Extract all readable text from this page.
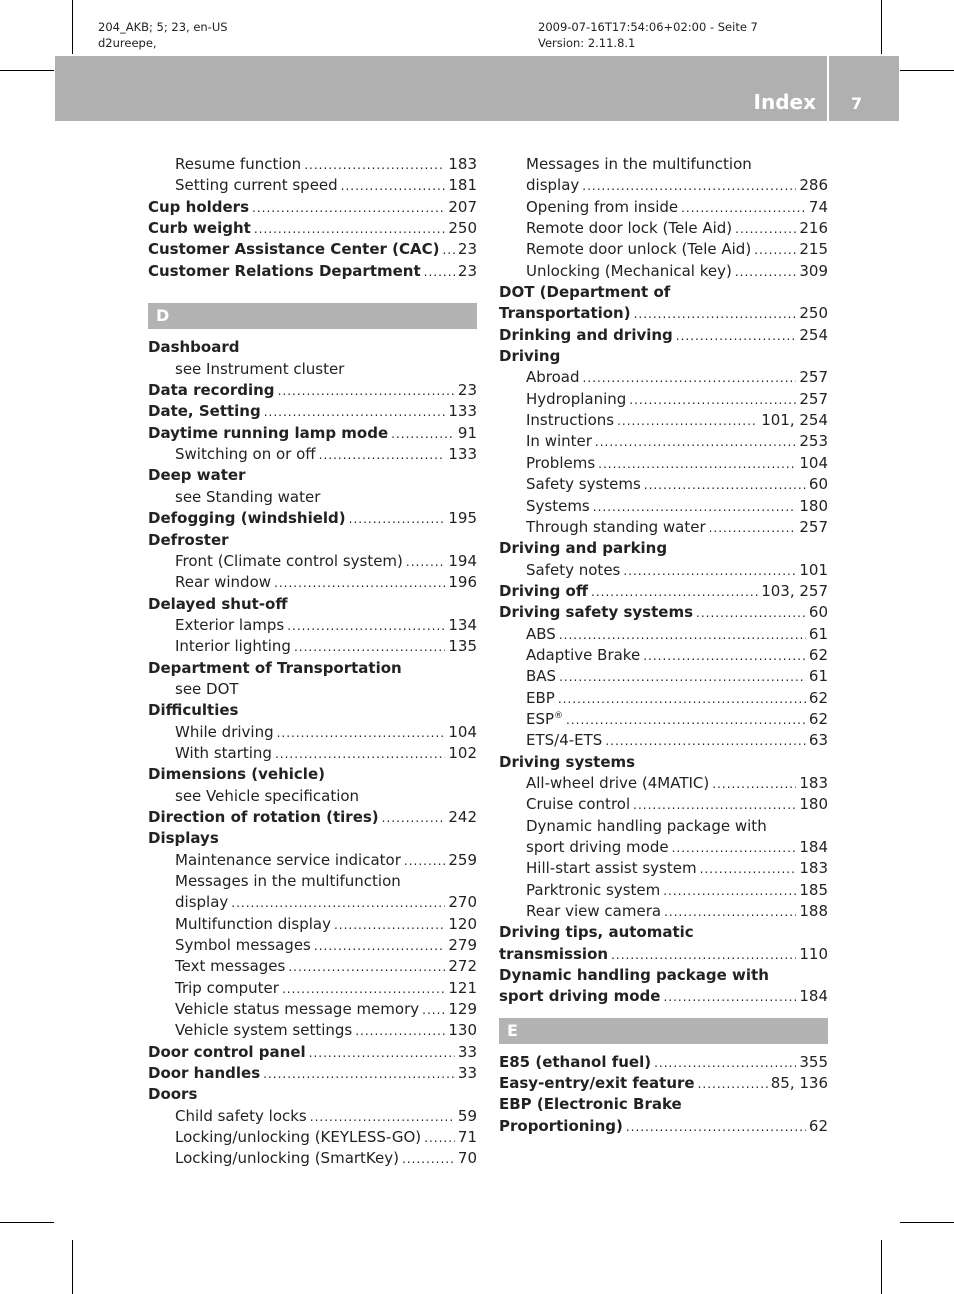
204_AKB; 5; 23, en-US
d2ureepe,
2009-07-16T17:54:06+02:00 - Seite 7
Version: 2.11.8.1
Index 7
Resume function .....	183
Setting current speed .....	181
Cup holders .....	207
Curb weight .....	250
Customer Assistance Center (CAC) ..... 23
Customer Relations Department ..... 23
D
Dashboard
see Instrument cluster
Data recording .....	23
Date, Setting .....	133
Daytime running lamp mode .....	91
Switching on or off .....	133
Deep water
see Standing water
Defogging (windshield) .....	195
Defroster
Front (Climate control system) .....	194
Rear window .....	196
Delayed shut-off
Exterior lamps .....	134
Interior lighting .....	135
Department of Transportation
see DOT
Difficulties
While driving .....	104
With starting .....	102
Dimensions (vehicle)
see Vehicle specification
Direction of rotation (tires) .....	242
Displays
Maintenance service indicator .....	259
Messages in the multifunction
display .....	270
Multifunction display .....	120
Symbol messages .....	279
Text messages .....	272
Trip computer .....	121
Vehicle status message memory ..... 129
Vehicle system settings .....	130
Door control panel .....	33
Door handles .....	33
Doors
Child safety locks .....	59
Locking/unlocking (KEYLESS-GO) ..... 71
Locking/unlocking (SmartKey) .....	70
Messages in the multifunction
display .....	286
Opening from inside .....	74
Remote door lock (Tele Aid) .....	216
Remote door unlock (Tele Aid) .....	215
Unlocking (Mechanical key) .....	309
DOT (Department of
Transportation) .....	250
Drinking and driving .....	254
Driving
Abroad .....	257
Hydroplaning .....	257
Instructions .....	101, 254
In winter .....	253
Problems .....	104
Safety systems .....	60
Systems .....	180
Through standing water .....	257
Driving and parking
Safety notes .....	101
Driving off .....	103, 257
Driving safety systems .....	60
ABS .....	61
Adaptive Brake .....	62
BAS .....	61
EBP .....	62
ESP® .....	62
ETS/4-ETS .....	63
Driving systems
All-wheel drive (4MATIC) .....	183
Cruise control .....	180
Dynamic handling package with
sport driving mode .....	184
Hill-start assist system .....	183
Parktronic system .....	185
Rear view camera .....	188
Driving tips, automatic
transmission .....	110
Dynamic handling package with
sport driving mode .....	184
E
E85 (ethanol fuel) .....	355
Easy-entry/exit feature .....	85, 136
EBP (Electronic Brake
Proportioning) .....	62
